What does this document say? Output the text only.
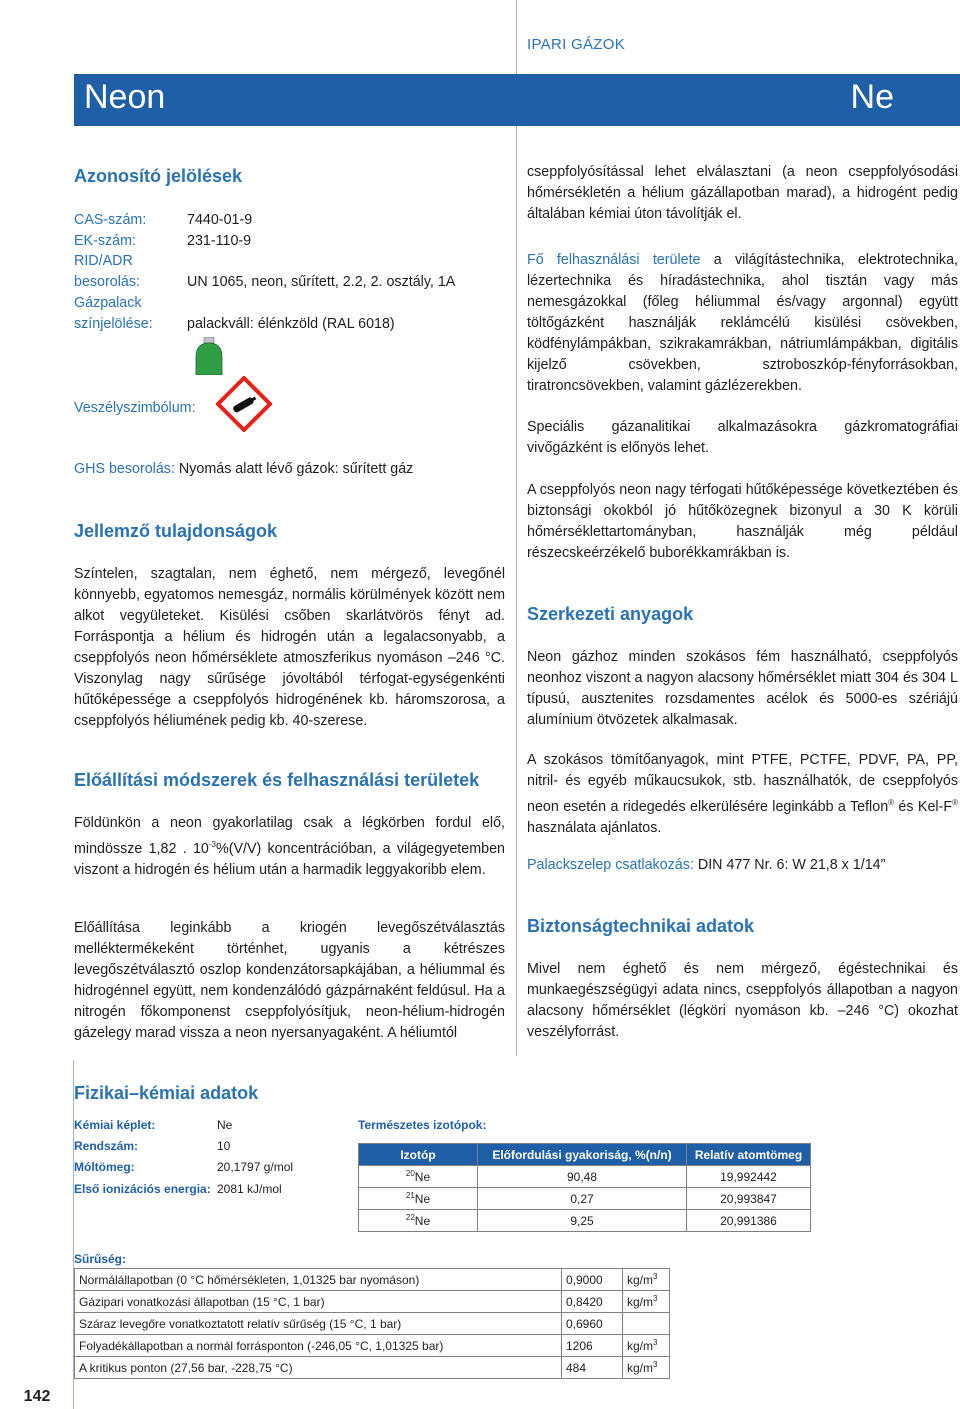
IPARI GÁZOK
Neon	Ne
Azonosító jelölések
CAS-szám:	7440-01-9
EK-szám:	231-110-9
RID/ADR
besorolás:	UN 1065, neon, sűrített, 2.2, 2. osztály, 1A
Gázpalack
színjelölése: palackváll: élénkzöld (RAL 6018)
Veszélyszimbólum:
GHS besorolás: Nyomás alatt lévő gázok: sűrített gáz
Jellemző tulajdonságok

Színtelen, szagtalan, nem éghető, nem mérgező, levegőnél könnyebb, egyatomos nemesgáz, normális körülmények között nem alkot vegyületeket. Kisülési csőben skarlátvörös fényt ad. Forráspontja a hélium és hidrogén után a legalacsonyabb, a cseppfolyós neon hőmérséklete atmoszferikus nyomáson –246 °C. Viszonylag nagy sűrűsége jóvoltából térfogat-egységenkénti hűtőképessége a cseppfolyós hidrogénének kb. háromszorosa, a cseppfolyós héliumének pedig kb. 40-szerese.

Előállítási módszerek és felhasználási területek

Földünkön a neon gyakorlatilag csak a légkörben fordul elő, mindössze 1,82 . $10^{-3}\%(V/V)$ koncentrációban, a világegyetemben viszont a hidrogén és hélium után a harmadik leggyakoribb elem.

Előállítása leginkább a kriogén levegőszétválasztás melléktermékeként történhet, ugyanis a kétrészes levegőszétválasztó oszlop kondenzátorsapkájában, a héliummal és hidrogénnel együtt, nem kondenzálódó gázpárnaként feldúsul. Ha a nitrogén főkomponenst cseppfolyósítjuk, neon-hélium-hidrogén gázelegy marad vissza a neon nyersanyagaként. A héliumtól

cseppfolyósítással lehet elválasztani (a neon cseppfolyósodási hőmérsékletén a hélium gázállapotban marad), a hidrogént pedig általában kémiai úton távolítják el.

Fő felhasználási területe a világítástechnika, elektrotechnika, lézertechnika és híradástechnika, ahol tisztán vagy más nemesgázokkal (főleg héliummal és/vagy argonnal) együtt töltőgázként használják reklámcélú kisülési csövekben, ködfénylámpákban, szikrakamrákban, nátriumlámpákban, digitális kijelző csövekben, sztroboszkóp-fényforrásokban, tiratroncsövekben, valamint gázlézerekben.

Speciális gázanalitikai alkalmazásokra gázkromatográfiai vivőgázként is előnyös lehet.

A cseppfolyós neon nagy térfogati hűtőképessége következtében és biztonsági okokból jó hűtőközegnek bizonyul a 30 K körüli hőmérséklettartományban, használják még például részecskeérzékelő buborékkamrákban is.

Szerkezeti anyagok

Neon gázhoz minden szokásos fém használható, cseppfolyós neonhoz viszont a nagyon alacsony hőmérséklet miatt 304 és 304 L típusú, ausztenites rozsdamentes acélok és 5000-es szériájú alumínium ötvözetek alkalmasak.

A szokásos tömítőanyagok, mint PTFE, PCTFE, PDVF, PA, PP, nitril- és egyéb műkaucsukok, stb. használhatók, de cseppfolyós neon esetén a ridegedés elkerülésére leginkább a Teflon® és Kel-F® használata ajánlatos.

Palackszelep csatlakozás: DIN 477 Nr. 6: W 21,8 x 1/14”

Biztonságtechnikai adatok

Mivel nem éghető és nem mérgező, égéstechnikai és munkaegészségügyi adata nincs, cseppfolyós állapotban a nagyon alacsony hőmérséklet (légköri nyomáson kb. –246 °C) okozhat veszélyforrást.

Fizikai–kémiai adatok
Kémiai képlet:	Ne
Rendszám:	10
Móltömeg:	20,1797 g/mol
Első ionizációs energia: 2081 kJ/mol
Természetes izotópok:
Izotóp	Előfordulási gyakoriság, %(n/n)	Relatív atomtömeg
$^{20}$Ne	90,48	19,992442
$^{21}$Ne	0,27	20,993847
$^{22}$Ne	9,25	20,991386
Sűrűség:
Normálállapotban (0 °C hőmérsékleten, 1,01325 bar nyomáson)	0,9000	$kg/m^3$
Gázipari vonatkozási állapotban (15 °C, 1 bar)	0,8420	$kg/m^3$
Száraz levegőre vonatkoztatott relatív sűrűség (15 °C, 1 bar)	0,6960	
Folyadékállapotban a normál forrásponton (-246,05 °C, 1,01325 bar)	1206	$kg/m^3$
A kritikus ponton (27,56 bar, -228,75 °C)	484	$kg/m^3$
142
